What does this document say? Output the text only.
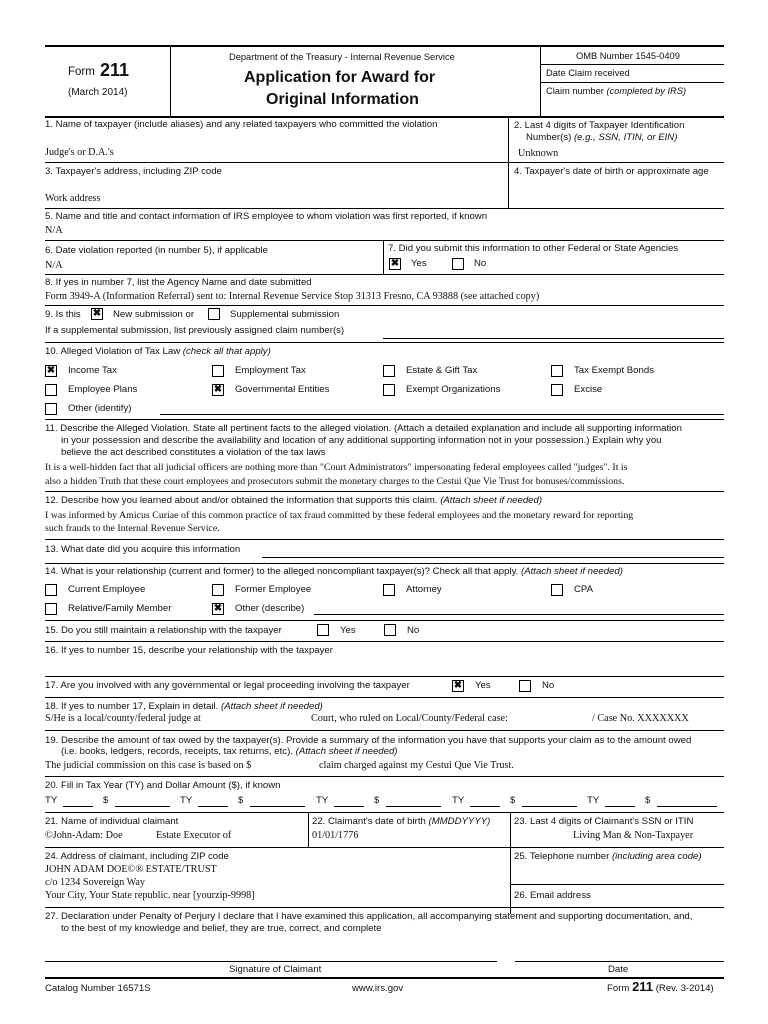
Form 211
(March 2014)
Department of the Treasury - Internal Revenue Service
Application for Award for
Original Information
OMB Number 1545-0409
Date Claim received
Claim number (completed by IRS)
1. Name of taxpayer (include aliases) and any related taxpayers who committed the violation
Judge's or D.A.'s
2. Last 4 digits of Taxpayer Identification
Number(s) (e.g., SSN, ITIN, or EIN)
Unknown
3. Taxpayer's address, including ZIP code
Work address
4. Taxpayer's date of birth or approximate age
5. Name and title and contact information of IRS employee to whom violation was first reported, if known
N/A
6. Date violation reported (in number 5), if applicable
N/A
7. Did you submit this information to other Federal or State Agencies
✖ Yes	No
8. If yes in number 7, list the Agency Name and date submitted
Form 3949-A (Information Referral) sent to: Internal Revenue Service Stop 31313 Fresno, CA 93888 (see attached copy)
9. Is this ✖ New submission or	Supplemental submission
If a supplemental submission, list previously assigned claim number(s)
10. Alleged Violation of Tax Law (check all that apply)
✖ Income Tax	Employment Tax	Estate & Gift Tax	Tax Exempt Bonds
Employee Plans	✖ Governmental Entities	Exempt Organizations	Excise
Other (identify)
11. Describe the Alleged Violation. State all pertinent facts to the alleged violation. (Attach a detailed explanation and include all supporting information
in your possession and describe the availability and location of any additional supporting information not in your possession.) Explain why you
believe the act described constitutes a violation of the tax laws
It is a well-hidden fact that all judicial officers are nothing more than "Court Administrators" impersonating federal employees called "judges". It is
also a hidden Truth that these court employees and prosecutors submit the monetary charges to the Cestui Que Vie Trust for bonuses/commissions.
12. Describe how you learned about and/or obtained the information that supports this claim. (Attach sheet if needed)
I was informed by Amicus Curiae of this common practice of tax fraud committed by these federal employees and the monetary reward for reporting
such frauds to the Internal Revenue Service.
13. What date did you acquire this information
14. What is your relationship (current and former) to the alleged noncompliant taxpayer(s)? Check all that apply. (Attach sheet if needed)
Current Employee	Former Employee	Attorney	CPA
Relative/Family Member	✖ Other (describe)
15. Do you still maintain a relationship with the taxpayer	Yes	No
16. If yes to number 15, describe your relationship with the taxpayer
17. Are you involved with any governmental or legal proceeding involving the taxpayer	✖ Yes	No
18. If yes to number 17, Explain in detail. (Attach sheet if needed)
S/He is a local/county/federal judge at	Court, who ruled on Local/County/Federal case:	/ Case No. XXXXXXX
19. Describe the amount of tax owed by the taxpayer(s). Provide a summary of the information you have that supports your claim as to the amount owed
(i.e. books, ledgers, records, receipts, tax returns, etc). (Attach sheet if needed)
The judicial commission on this case is based on $	claim charged against my Cestui Que Vie Trust.
20. Fill in Tax Year (TY) and Dollar Amount ($), if known
TY	$	TY	$	TY	$	TY	$	TY	$
21. Name of individual claimant
©John-Adam: Doe	Estate Executor of
22. Claimant's date of birth (MMDDYYYY)
01/01/1776
23. Last 4 digits of Claimant's SSN or ITIN
Living Man & Non-Taxpayer
24. Address of claimant, including ZIP code
JOHN ADAM DOE©® ESTATE/TRUST
c/o 1234 Sovereign Way
Your City, Your State republic. near [yourzip-9998]
25. Telephone number (including area code)
26. Email address
27. Declaration under Penalty of Perjury I declare that I have examined this application, all accompanying statement and supporting documentation, and,
to the best of my knowledge and belief, they are true, correct, and complete
Signature of Claimant	Date
Catalog Number 16571S	www.irs.gov	Form 211 (Rev. 3-2014)
